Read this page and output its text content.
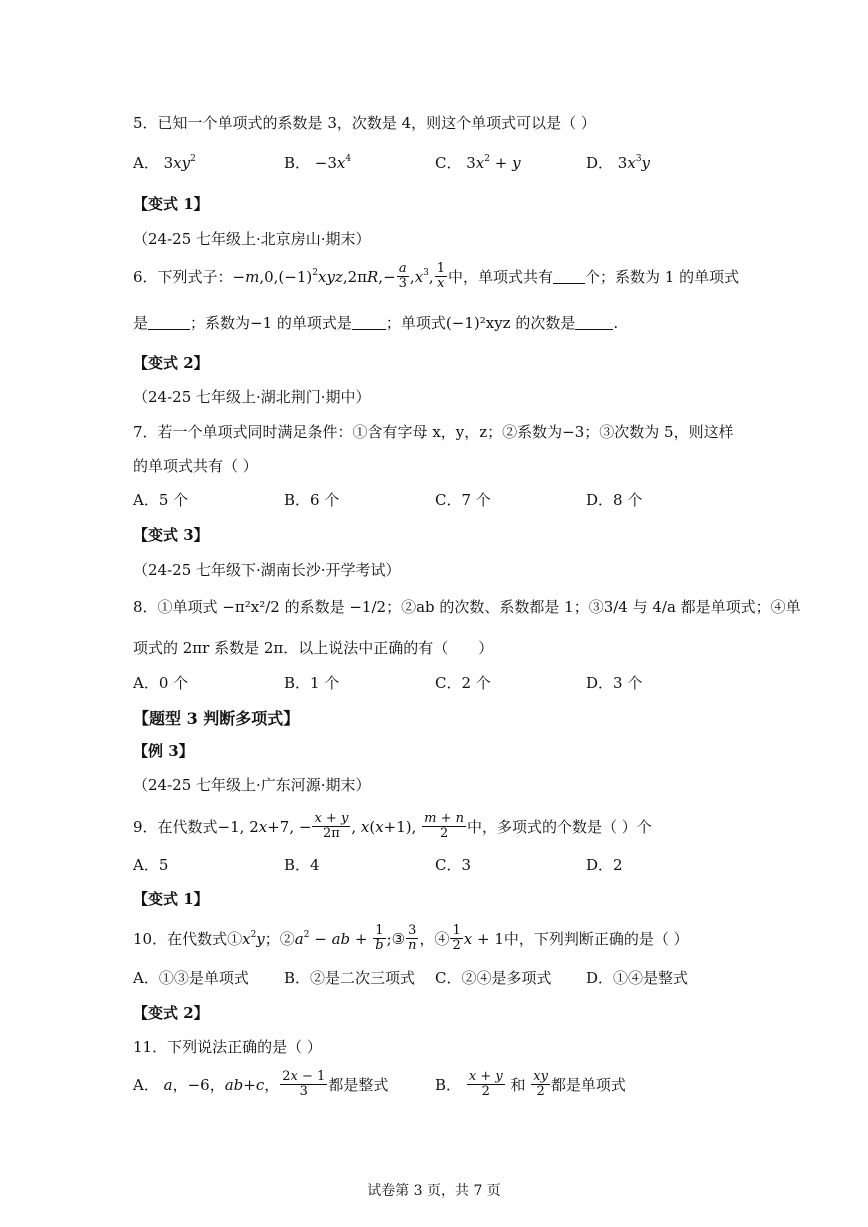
5．已知一个单项式的系数是 3，次数是 4，则这个单项式可以是（ ）
A． $3xy^2$	B． $-3x^4$	C． $3x^2 + y$	D． $3x^3y$
【变式 1】
（24-25 七年级上·北京房山·期末）
6．下列式子：$-m,0,(-1)^2xyz,2\pi R,- \frac{a}{3} ,x^3$, $\frac{1}{x}$ 中，单项式共有 个；系数为 1 的单项式
是	；系数为−1 的单项式是 ；单项式(−1)²xyz 的次数是	.
【变式 2】
（24-25 七年级上·湖北荆门·期中）
7．若一个单项式同时满足条件：①含有字母 x，y，z；②系数为−3；③次数为 5，则这样
的单项式共有（ ）
A．5 个	B．6 个	C．7 个	D．8 个
【变式 3】
（24-25 七年级下·湖南长沙·开学考试）
8．①单项式 −π²x²/2 的系数是 −1/2；②ab 的次数、系数都是 1；③3/4 与 4/a 都是单项式；④单
项式的 2πr 系数是 2π．以上说法中正确的有（　　）
A．0 个	B．1 个	C．2 个	D．3 个
【题型 3 判断多项式】
【例 3】
（24-25 七年级上·广东河源·期末）
9．在代数式−1, 2x+7, − $\frac{x + y}{2\pi}$ , x(x+1), $\frac{m + n}{2}$ 中，多项式的个数是（ ）个
A．5	B．4	C．3	D．2
【变式 1】
10．在代数式$①x^2y$；$②a^2$ − ab + $\frac{1}{b}$ ;③ $\frac{3}{n}$ ，④ $\frac{1}{2}$ x + 1中，下列判断正确的是（ ）
A．①③是单项式 B．②是二次三项式 C．②④是多项式 D．①④是整式
【变式 2】
11．下列说法正确的是（ ）
A． a，−6，ab+c， $\frac{2x - 1}{3}$ 都是整式	B． $\frac{x + y}{2}$ 和 $\frac{xy}{2}$ 都是单项式
试卷第 3 页，共 7 页
